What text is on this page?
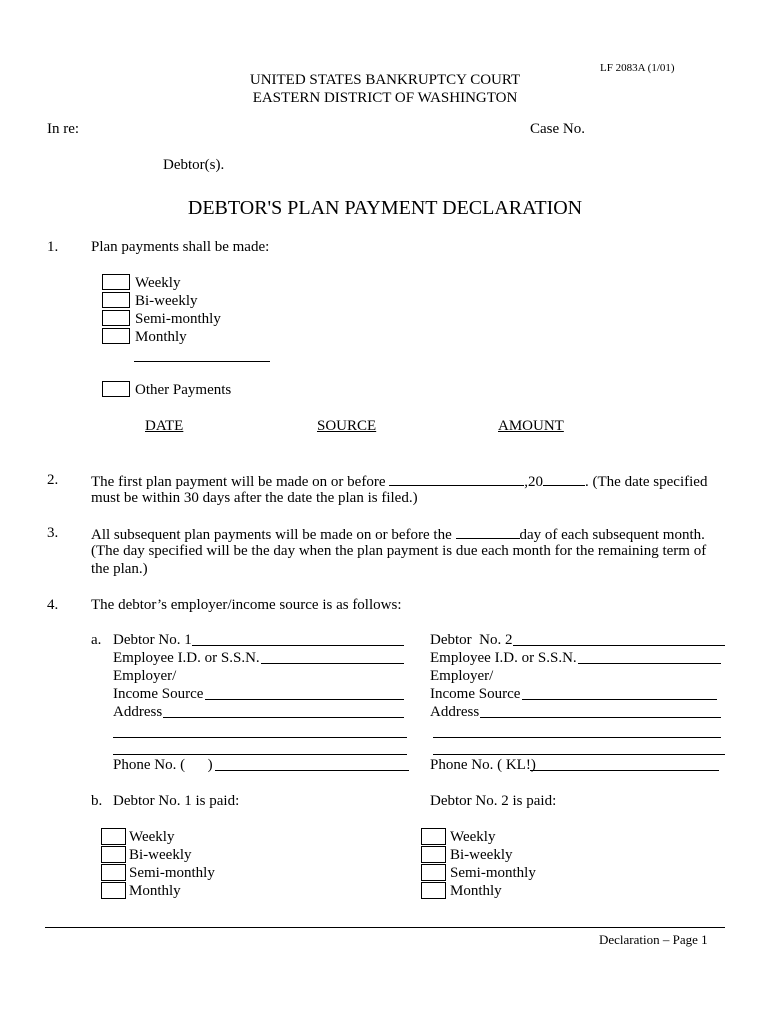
LF 2083A (1/01)
UNITED STATES BANKRUPTCY COURT
EASTERN DISTRICT OF WASHINGTON
In re:	Case No.
Debtor(s).
DEBTOR'S PLAN PAYMENT DECLARATION
1. Plan payments shall be made:
Weekly
Bi-weekly
Semi-monthly
Monthly
Other Payments
DATE	SOURCE	AMOUNT
2. The first plan payment will be made on or before	,20	. (The date specified
must be within 30 days after the date the plan is filed.)
3. All subsequent plan payments will be made on or before the	day of each subsequent month.
(The day specified will be the day when the plan payment is due each month for the remaining term of
the plan.)
4. The debtor’s employer/income source is as follows:
a. Debtor No. 1
Employee I.D. or S.S.N.
Employer/
Income Source
Address
Phone No. (      )
Debtor  No. 2
Employee I.D. or S.S.N.
Employer/
Income Source
Address
Phone No. ( KL!)
b. Debtor No. 1 is paid:	Debtor No. 2 is paid:
Weekly
Bi-weekly
Semi-monthly
Monthly
Weekly
Bi-weekly
Semi-monthly
Monthly
Declaration – Page 1
